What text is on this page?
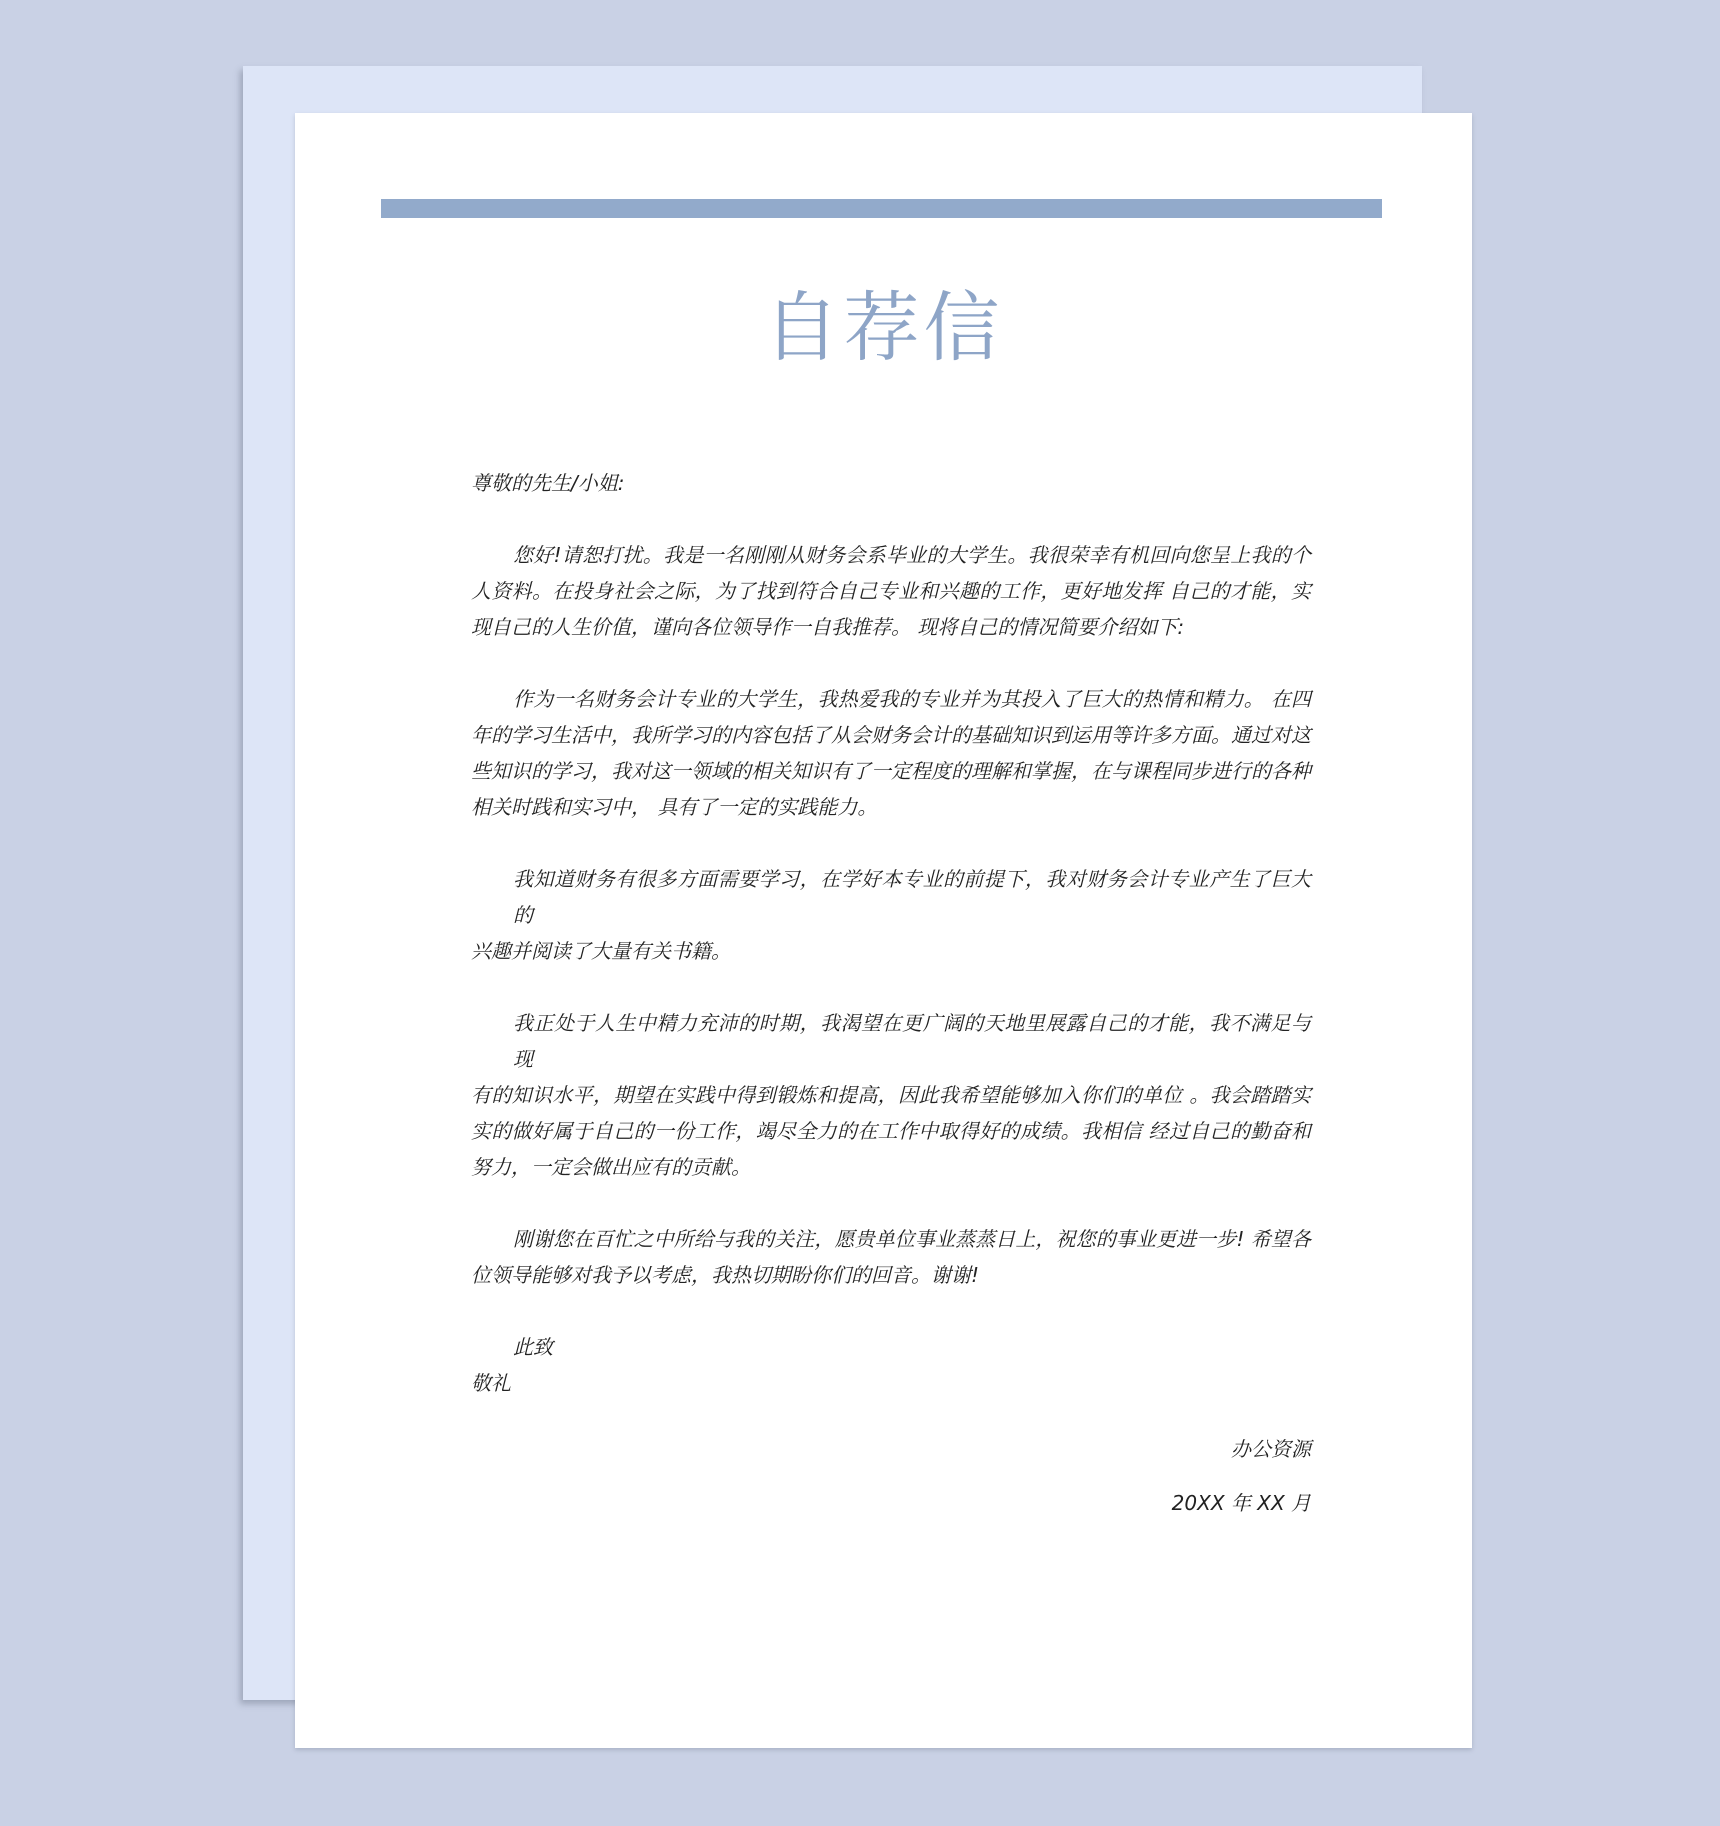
自荐信
尊敬的先生/小姐:
您好!请恕打扰。我是一名刚刚从财务会系毕业的大学生。我很荣幸有机回向您呈上我的个
人资料。在投身社会之际，为了找到符合自己专业和兴趣的工作，更好地发挥 自己的才能，实
现自己的人生价值，谨向各位领导作一自我推荐。 现将自己的情况简要介绍如下:
作为一名财务会计专业的大学生，我热爱我的专业并为其投入了巨大的热情和精力。 在四
年的学习生活中，我所学习的内容包括了从会财务会计的基础知识到运用等许多方面。通过对这
些知识的学习，我对这一领域的相关知识有了一定程度的理解和掌握，在与课程同步进行的各种
相关时践和实习中， 具有了一定的实践能力。
我知道财务有很多方面需要学习，在学好本专业的前提下，我对财务会计专业产生了巨大的
兴趣并阅读了大量有关书籍。
我正处于人生中精力充沛的时期，我渴望在更广阔的天地里展露自己的才能，我不满足与现
有的知识水平，期望在实践中得到锻炼和提高，因此我希望能够加入你们的单位 。我会踏踏实
实的做好属于自己的一份工作，竭尽全力的在工作中取得好的成绩。我相信 经过自己的勤奋和
努力，一定会做出应有的贡献。
刚谢您在百忙之中所给与我的关注，愿贵单位事业蒸蒸日上，祝您的事业更进一步! 希望各
位领导能够对我予以考虑，我热切期盼你们的回音。谢谢!
此致
敬礼
办公资源
20XX 年 XX 月
